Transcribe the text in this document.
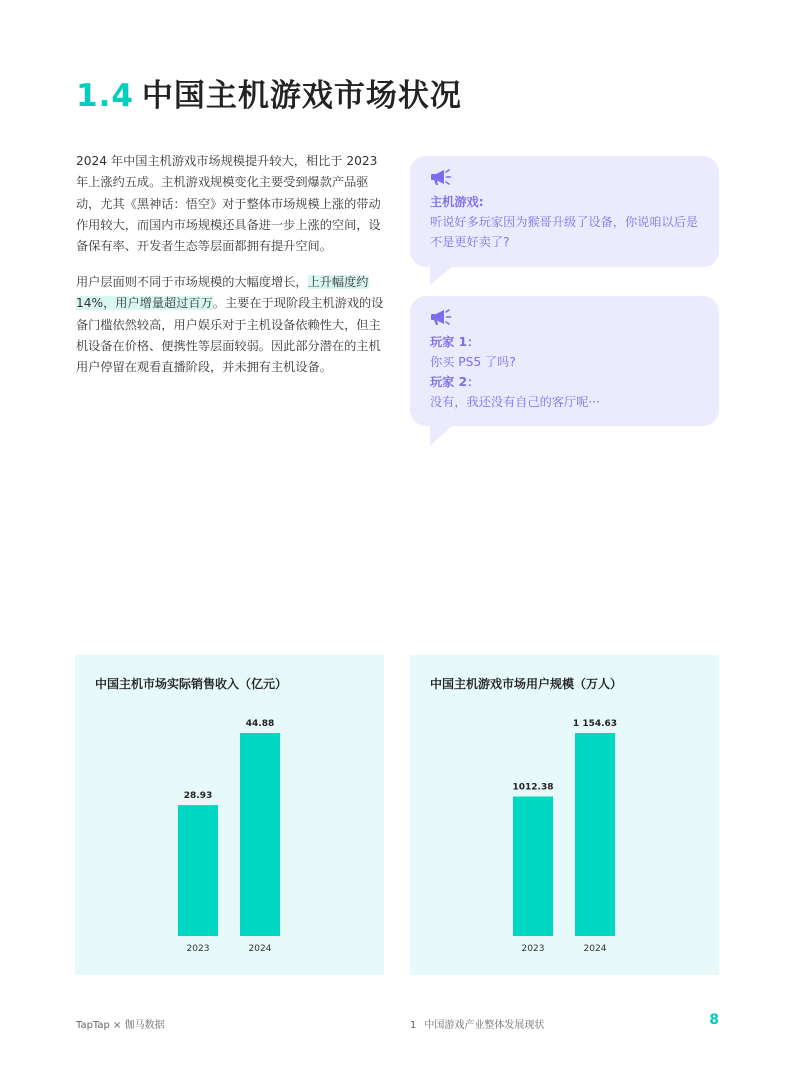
1.4 中国主机游戏市场状况
2024 年中国主机游戏市场规模提升较大，相比于 2023 年上涨约五成。主机游戏规模变化主要受到爆款产品驱动，尤其《黑神话：悟空》对于整体市场规模上涨的带动作用较大，而国内市场规模还具备进一步上涨的空间，设备保有率、开发者生态等层面都拥有提升空间。
用户层面则不同于市场规模的大幅度增长，上升幅度约 14%，用户增量超过百万。主要在于现阶段主机游戏的设备门槛依然较高，用户娱乐对于主机设备依赖性大，但主机设备在价格、便携性等层面较弱。因此部分潜在的主机用户停留在观看直播阶段，并未拥有主机设备。
主机游戏:
听说好多玩家因为猴哥升级了设备，你说咱以后是不是更好卖了?
玩家 1：
你买 PS5 了吗?
玩家 2：
没有，我还没有自己的客厅呢···
中国主机市场实际销售收入（亿元）
28.93
2023
44.88
2024
中国主机游戏市场用户规模（万人）
1012.38
2023
1 154.63
2024
TapTap × 伽马数据	1 中国游戏产业整体发展现状	8
